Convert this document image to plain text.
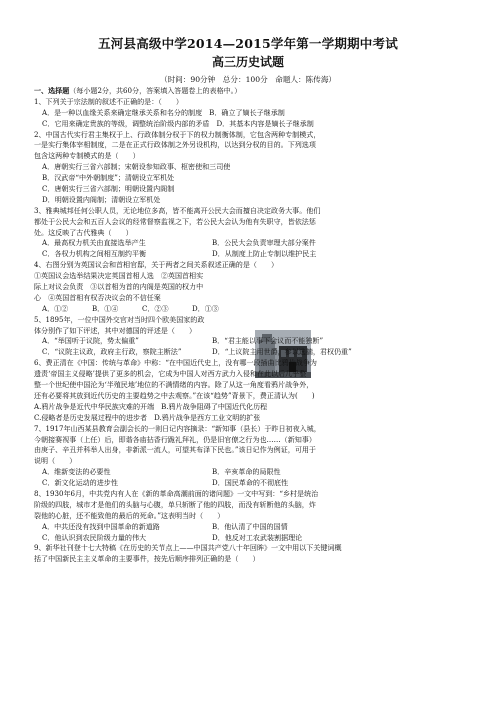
五河县高级中学2014—2015学年第一学期期中考试
高三历史试题
（时间：90分钟　总分：100分　命题人：陈传海）
一、选择题（每小题2分，共60分，答案填入答题卷上的表格中。）
1、下列关于宗法制的叙述不正确的是：（　　）
A．是一种以血缘关系来确定继承关系和名分的制度　B．确立了嫡长子继承制
C．它用来确定贵族的等级，调整统治阶级内部的矛盾　D．其基本内容是嫡长子继承制
2、中国古代实行君主集权于上、行政体制分权于下的权力制衡体制，它包含两种专制模式，
一是实行集体宰相制度，二是在正式行政体制之外另设机构，以达到分权的目的。下列选项
包含这两种专制模式的是（　　）
A．唐朝实行三省六部制；宋朝设参知政事、枢密使和三司使
B．汉武帝“中外朝制度”；清朝设立军机处
C．唐朝实行三省六部制；明朝设置内阁制
D．明朝设置内阁制；清朝设立军机处
3、雅典城邦任何公职人员，无论地位多高，皆不能离开公民大会而擅自决定政务大事。他们
都处于公民大会和五百人会议的经常督察监视之下，若公民大会认为他有失职守，皆依法惩
处。这反映了古代雅典（　　）
A．最高权力机关由直接选举产生	B．公民大会负责审理大部分案件
C．各权力机构之间相互制约平衡	D．从制度上防止专制以维护民主
4、右图分别为英国议会和首相官邸，关于两者之间关系叙述正确的是（　　）
①英国议会选举结果决定英国首相人选　②英国首相实
际上对议会负责　③以首相为首的内阁是英国的权力中
心　④英国首相有权否决议会的不信任案
A．①②	B．①④	C．②③	D．①③
5、1895年，一位中国外交官对当时四个欧美国家的政
体分别作了如下评述，其中对德国的评述是（　　）
A．“举国听于议院，势太偏重”	B．“君主能以事下会议而不能独断”
C．“议院主议政，政府主行政，察院主断法”	D．“上议院主用世爵，参以选揣，君权仍重”
6、费正清在《中国：传统与革命》中称：“在中国近代史上，没有哪一段插曲比鸦片战争为
遗责‘帝国主义侵略’提供了更多的机会，它成为中国人对西方武力入侵和在此以后几乎整
整一个世纪使中国沦为‘半殖民地’地位的不满情绪的内容。除了从这一角度看鸦片战争外，
还有必要将其放到近代历史的主要趋势之中去观察。”在该“趋势”背景下，费正清认为(　　)
A.鸦片战争是近代中华民族灾难的开端　B.鸦片战争阻碍了中国近代化历程
C.侵略者是历史发展过程中的进步者　D.鸦片战争是西方工业文明的扩张
7、1917年山西某县教育会副会长的一则日记内容摘录：“新知事（县长）于昨日初夜入城，
今朝接赛视事（上任）后，即谐各庙拈香行跪礼拜礼，仍是旧官僚之行为也……（新知事）
由庚子、辛丑并科举人出身，非新派一流人，可望其布泽下民也。”该日记作为例证，可用于
说明（　　）
A．维新变法的必要性	B．辛亥革命的局限性
C．新文化运动的进步性	D．国民革命的不彻底性
8、1930年6月，中共党内有人在《新的革命高潮前面的诸问题》一文中写到：“乡村是统治
阶级的四肢，城市才是他们的头脑与心腹，单只斩断了他的四肢，而没有斩断他的头脑，炸
裂他的心脏，还不能致他的最后的死命。”这表明当时（　　）
A．中共还没有找到中国革命的新道路	B．他认清了中国的国情
C．他认识到农民阶级力量的伟大	D．他反对工农武装割据理论
9、新华社刊登十七大特稿《在历史的关节点上——中国共产党八十年回眸》一文中用以下关键词概
括了中国新民主主义革命的主要事件，按先后顺序排列正确的是（　　）
